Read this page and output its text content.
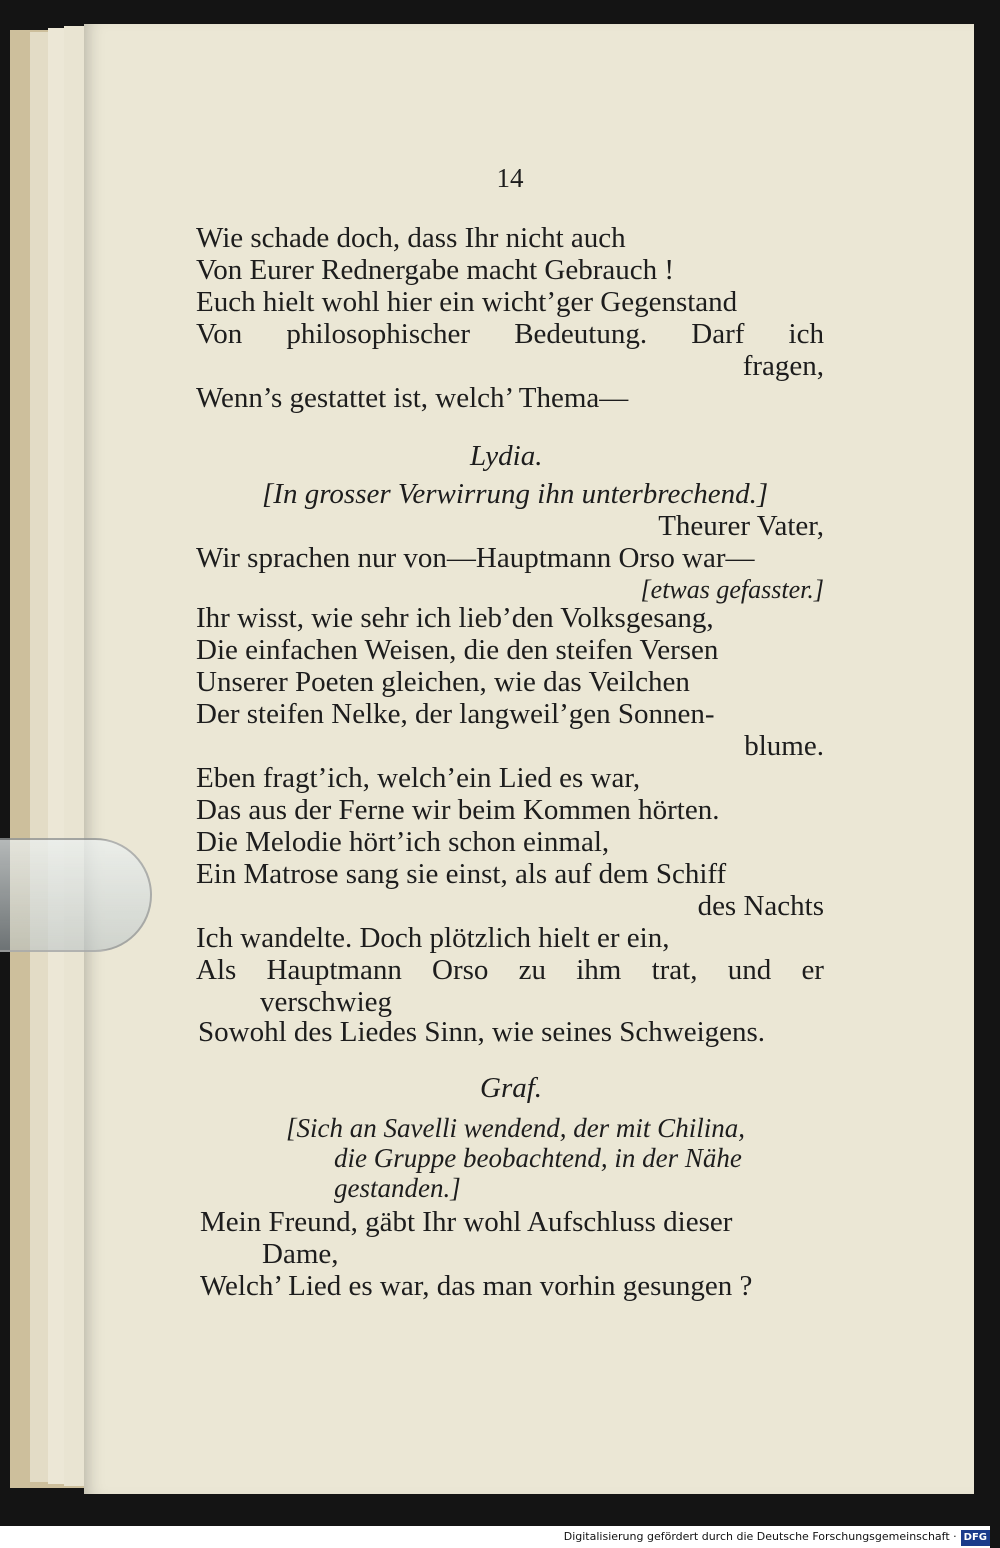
14
Wie schade doch, dass Ihr nicht auch
Von Eurer Rednergabe macht Gebrauch !
Euch hielt wohl hier ein wicht’ger Gegenstand
Von philosophischer Bedeutung. Darf ich
fragen,
Wenn’s gestattet ist, welch’ Thema—
Lydia.
[In grosser Verwirrung ihn unterbrechend.]
Theurer Vater,
Wir sprachen nur von—Hauptmann Orso war—
[etwas gefasster.]
Ihr wisst, wie sehr ich lieb’den Volksgesang,
Die einfachen Weisen, die den steifen Versen
Unserer Poeten gleichen, wie das Veilchen
Der steifen Nelke, der langweil’gen Sonnen-
blume.
Eben fragt’ich, welch’ein Lied es war,
Das aus der Ferne wir beim Kommen hörten.
Die Melodie hört’ich schon einmal,
Ein Matrose sang sie einst, als auf dem Schiff
des Nachts
Ich wandelte. Doch plötzlich hielt er ein,
Als Hauptmann Orso zu ihm trat, und er
verschwieg
Sowohl des Liedes Sinn, wie seines Schweigens.
Graf.
[Sich an Savelli wendend, der mit Chilina,
die Gruppe beobachtend, in der Nähe
gestanden.]
Mein Freund, gäbt Ihr wohl Aufschluss dieser
Dame,
Welch’ Lied es war, das man vorhin gesungen ?
Digitalisierung gefördert durch die Deutsche Forschungsgemeinschaft · DFG
